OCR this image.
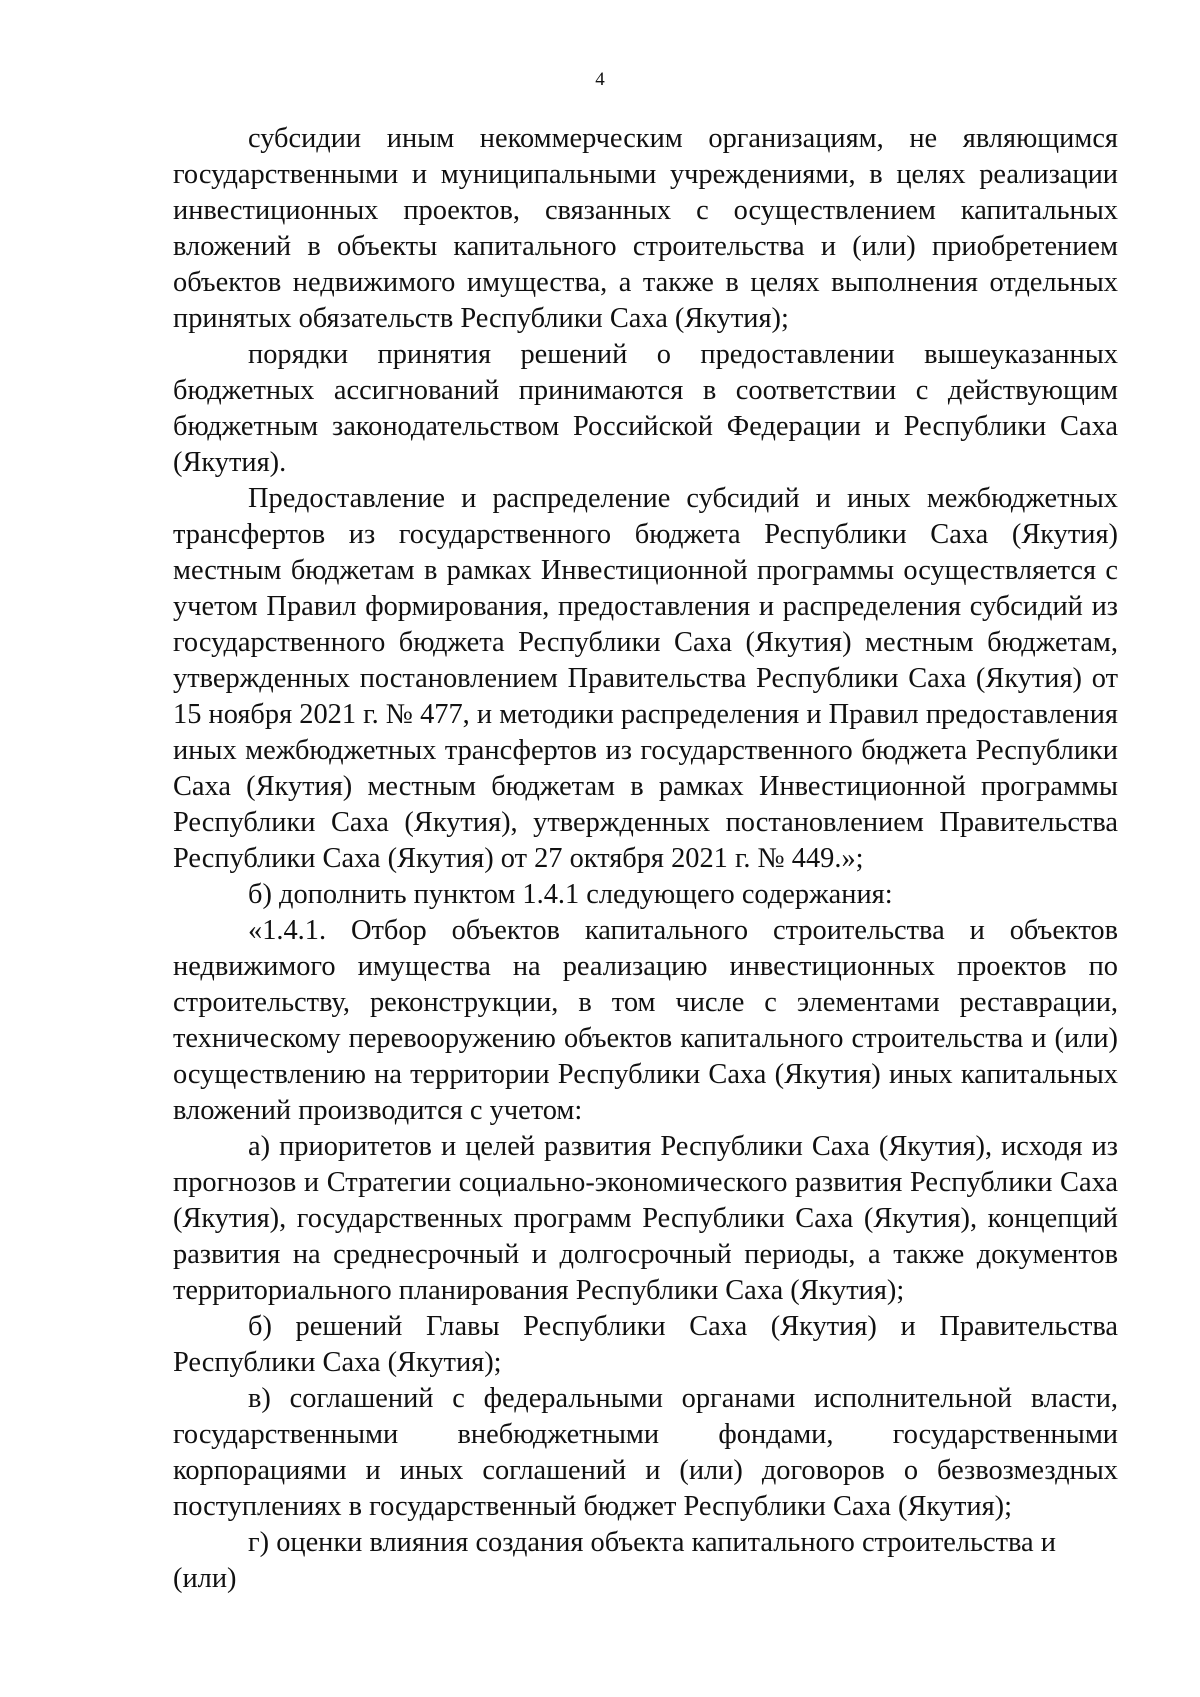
4

субсидии иным некоммерческим организациям, не являющимся государственными и муниципальными учреждениями, в целях реализации инвестиционных проектов, связанных с осуществлением капитальных вложений в объекты капитального строительства и (или) приобретением объектов недвижимого имущества, а также в целях выполнения отдельных принятых обязательств Республики Саха (Якутия);

порядки принятия решений о предоставлении вышеуказанных бюджетных ассигнований принимаются в соответствии с действующим бюджетным законодательством Российской Федерации и Республики Саха (Якутия).

Предоставление и распределение субсидий и иных межбюджетных трансфертов из государственного бюджета Республики Саха (Якутия) местным бюджетам в рамках Инвестиционной программы осуществляется с учетом Правил формирования, предоставления и распределения субсидий из государственного бюджета Республики Саха (Якутия) местным бюджетам, утвержденных постановлением Правительства Республики Саха (Якутия) от 15 ноября 2021 г. № 477, и методики распределения и Правил предоставления иных межбюджетных трансфертов из государственного бюджета Республики Саха (Якутия) местным бюджетам в рамках Инвестиционной программы Республики Саха (Якутия), утвержденных постановлением Правительства Республики Саха (Якутия) от 27 октября 2021 г. № 449.»;

б) дополнить пунктом 1.4.1 следующего содержания:

«1.4.1. Отбор объектов капитального строительства и объектов недвижимого имущества на реализацию инвестиционных проектов по строительству, реконструкции, в том числе с элементами реставрации, техническому перевооружению объектов капитального строительства и (или) осуществлению на территории Республики Саха (Якутия) иных капитальных вложений производится с учетом:

а) приоритетов и целей развития Республики Саха (Якутия), исходя из прогнозов и Стратегии социально-экономического развития Республики Саха (Якутия), государственных программ Республики Саха (Якутия), концепций развития на среднесрочный и долгосрочный периоды, а также документов территориального планирования Республики Саха (Якутия);

б) решений Главы Республики Саха (Якутия) и Правительства Республики Саха (Якутия);

в) соглашений с федеральными органами исполнительной власти, государственными внебюджетными фондами, государственными корпорациями и иных соглашений и (или) договоров о безвозмездных поступлениях в государственный бюджет Республики Саха (Якутия);

г) оценки влияния создания объекта капитального строительства и (или)
